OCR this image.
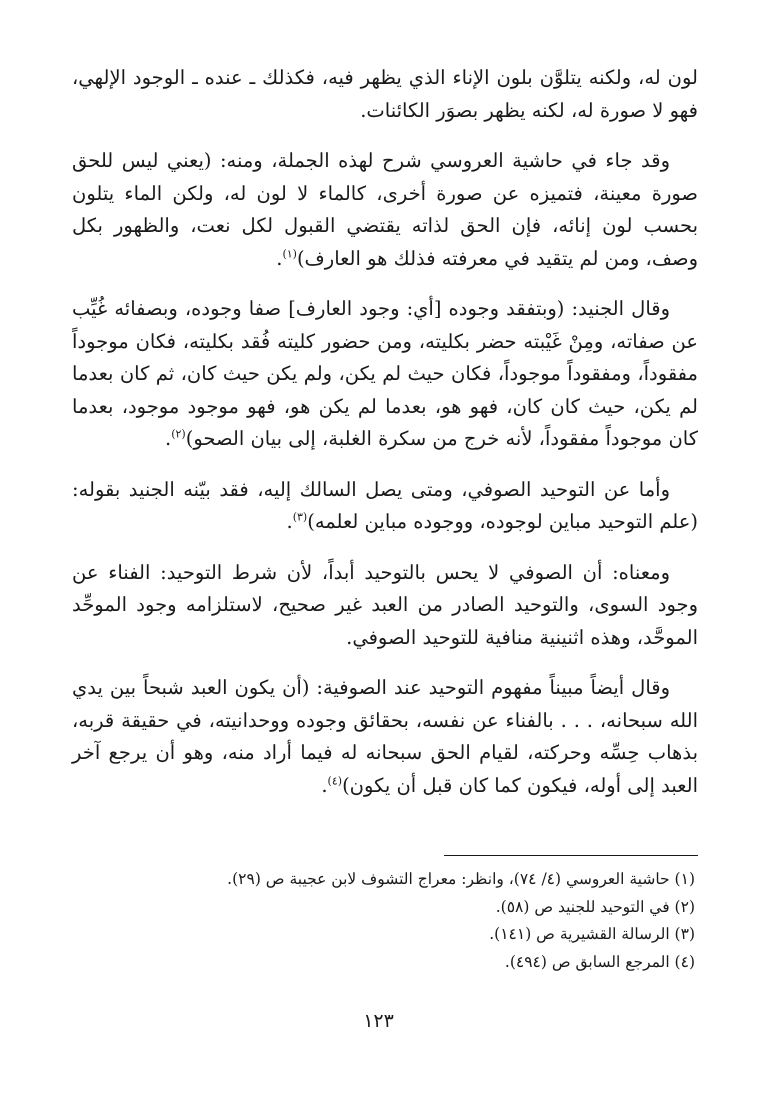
لون له، ولكنه يتلوَّن بلون الإناء الذي يظهر فيه، فكذلك ـ عنده ـ الوجود الإلهي، فهو لا صورة له، لكنه يظهر بصوَر الكائنات.

وقد جاء في حاشية العروسي شرح لهذه الجملة، ومنه: (يعني ليس للحق صورة معينة، فتميزه عن صورة أخرى، كالماء لا لون له، ولكن الماء يتلون بحسب لون إنائه، فإن الحق لذاته يقتضي القبول لكل نعت، والظهور بكل وصف، ومن لم يتقيد في معرفته فذلك هو العارف)$^{(١)}$.

وقال الجنيد: (وبتفقد وجوده [أي: وجود العارف] صفا وجوده، وبصفائه غُيِّب عن صفاته، ومِنْ غَيْبته حضر بكليته، ومن حضور كليته فُقد بكليته، فكان موجوداً مفقوداً، ومفقوداً موجوداً، فكان حيث لم يكن، ولم يكن حيث كان، ثم كان بعدما لم يكن، حيث كان كان، فهو هو، بعدما لم يكن هو، فهو موجود موجود، بعدما كان موجوداً مفقوداً، لأنه خرج من سكرة الغلبة، إلى بيان الصحو)$^{(٢)}$.

وأما عن التوحيد الصوفي، ومتى يصل السالك إليه، فقد بيّنه الجنيد بقوله: (علم التوحيد مباين لوجوده، ووجوده مباين لعلمه)$^{(٣)}$.

ومعناه: أن الصوفي لا يحس بالتوحيد أبداً، لأن شرط التوحيد: الفناء عن وجود السوى، والتوحيد الصادر من العبد غير صحيح، لاستلزامه وجود الموحِّد الموحَّد، وهذه اثنينية منافية للتوحيد الصوفي.

وقال أيضاً مبيناً مفهوم التوحيد عند الصوفية: (أن يكون العبد شبحاً بين يدي الله سبحانه، . . . بالفناء عن نفسه، بحقائق وجوده ووحدانيته، في حقيقة قربه، بذهاب حِسِّه وحركته، لقيام الحق سبحانه له فيما أراد منه، وهو أن يرجع آخر العبد إلى أوله، فيكون كما كان قبل أن يكون)$^{(٤)}$.

(١) حاشية العروسي (٤/ ٧٤)، وانظر: معراج التشوف لابن عجيبة ص (٢٩).
(٢) في التوحيد للجنيد ص (٥٨).
(٣) الرسالة القشيرية ص (١٤١).
(٤) المرجع السابق ص (٤٩٤).
١٢٣
